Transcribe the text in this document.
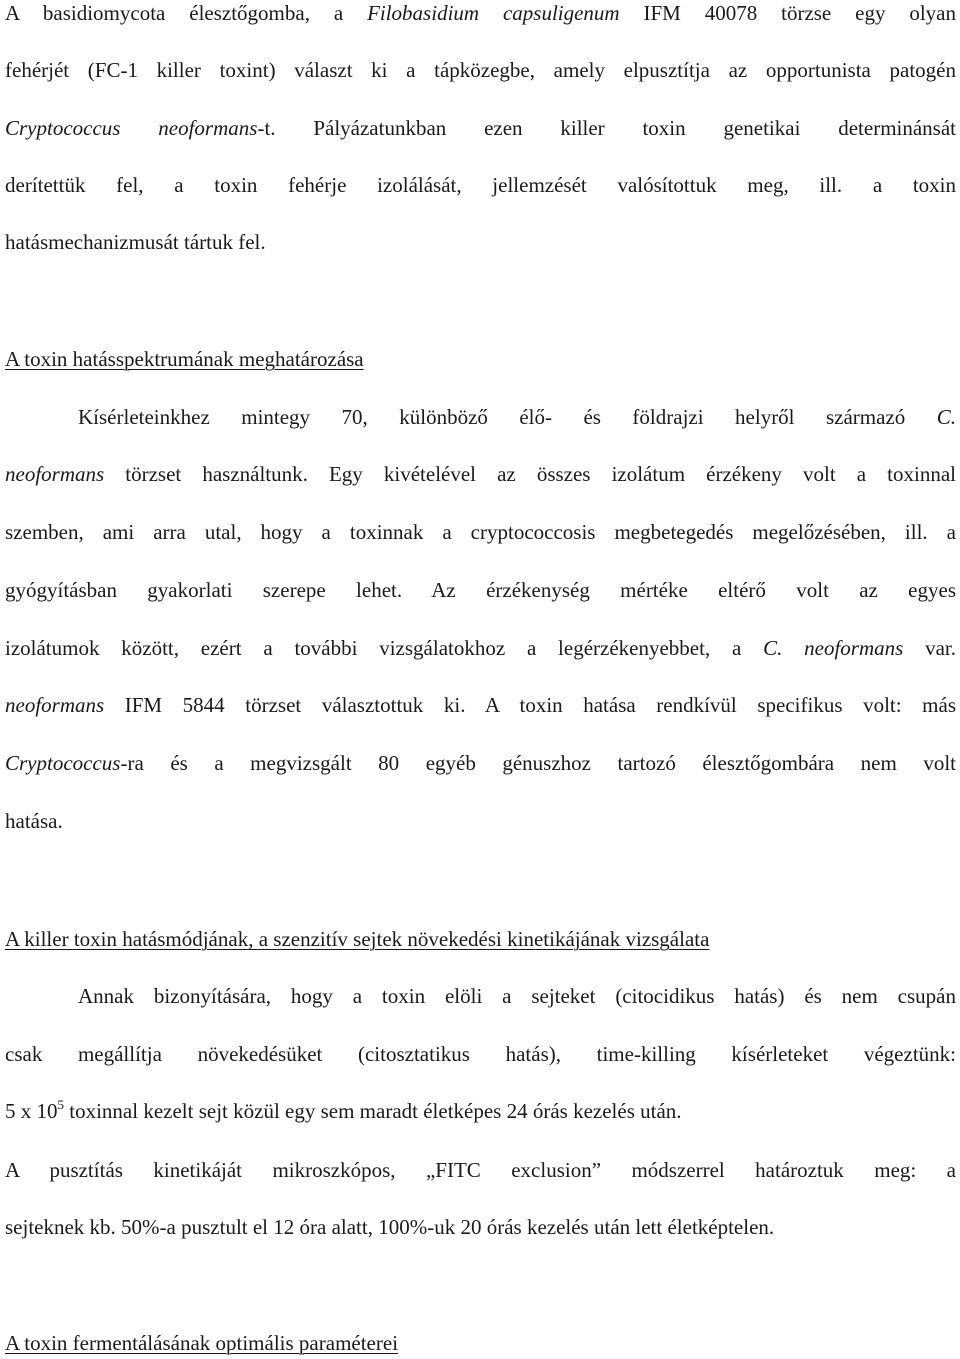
A basidiomycota élesztőgomba, a Filobasidium capsuligenum IFM 40078 törzse egy olyan
fehérjét (FC-1 killer toxint) választ ki a tápközegbe, amely elpusztítja az opportunista patogén
Cryptococcus neoformans-t. Pályázatunkban ezen killer toxin genetikai determinánsát
derítettük fel, a toxin fehérje izolálását, jellemzését valósítottuk meg, ill. a toxin
hatásmechanizmusát tártuk fel.
A toxin hatásspektrumának meghatározása
Kísérleteinkhez mintegy 70, különböző élő- és földrajzi helyről származó C.
neoformans törzset használtunk. Egy kivételével az összes izolátum érzékeny volt a toxinnal
szemben, ami arra utal, hogy a toxinnak a cryptococcosis megbetegedés megelőzésében, ill. a
gyógyításban gyakorlati szerepe lehet. Az érzékenység mértéke eltérő volt az egyes
izolátumok között, ezért a további vizsgálatokhoz a legérzékenyebbet, a C. neoformans var.
neoformans IFM 5844 törzset választottuk ki. A toxin hatása rendkívül specifikus volt: más
Cryptococcus-ra és a megvizsgált 80 egyéb génuszhoz tartozó élesztőgombára nem volt
hatása.
A killer toxin hatásmódjának, a szenzitív sejtek növekedési kinetikájának vizsgálata
Annak bizonyítására, hogy a toxin elöli a sejteket (citocidikus hatás) és nem csupán
csak megállítja növekedésüket (citosztatikus hatás), time-killing kísérleteket végeztünk:
5 x $10^5$ toxinnal kezelt sejt közül egy sem maradt életképes 24 órás kezelés után.
A pusztítás kinetikáját mikroszkópos, „FITC exclusion” módszerrel határoztuk meg: a
sejteknek kb. 50%-a pusztult el 12 óra alatt, 100%-uk 20 órás kezelés után lett életképtelen.
A toxin fermentálásának optimális paraméterei
